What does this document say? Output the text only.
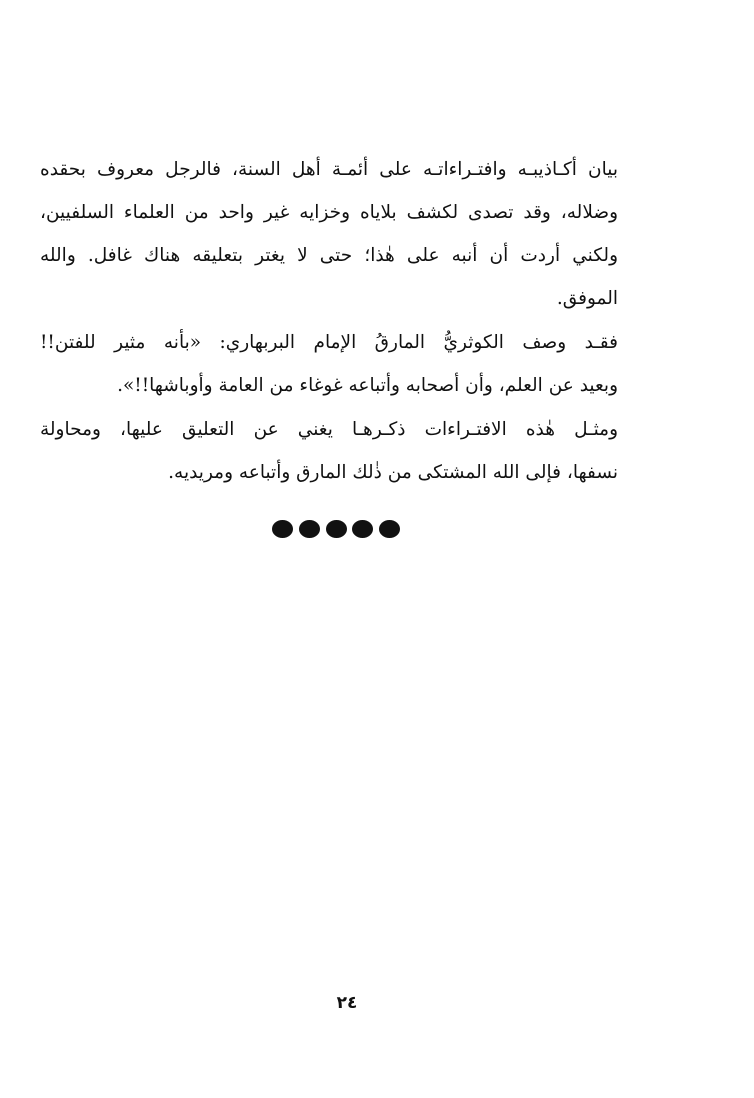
بيان أكـاذيبـه وافتـراءاتـه على أئمـة أهل السنة، فالرجل معروف بحقده
وضلاله، وقد تصدى لكشف بلاياه وخزايه غير واحد من العلماء السلفيين،
ولكني أردت أن أنبه على هٰذا؛ حتى لا يغتر بتعليقه هناك غافل. والله
الموفق.
فقـد وصف الكوثريُّ المارقُ الإمام البربهاري: «بأنه مثير للفتن!!
وبعيد عن العلم، وأن أصحابه وأتباعه غوغاء من العامة وأوباشها!!».
ومثـل هٰذه الافتـراءات ذكـرهـا يغني عن التعليق عليها، ومحاولة
نسفها، فإلى الله المشتكى من ذٰلك المارق وأتباعه ومريديه.
٢٤
